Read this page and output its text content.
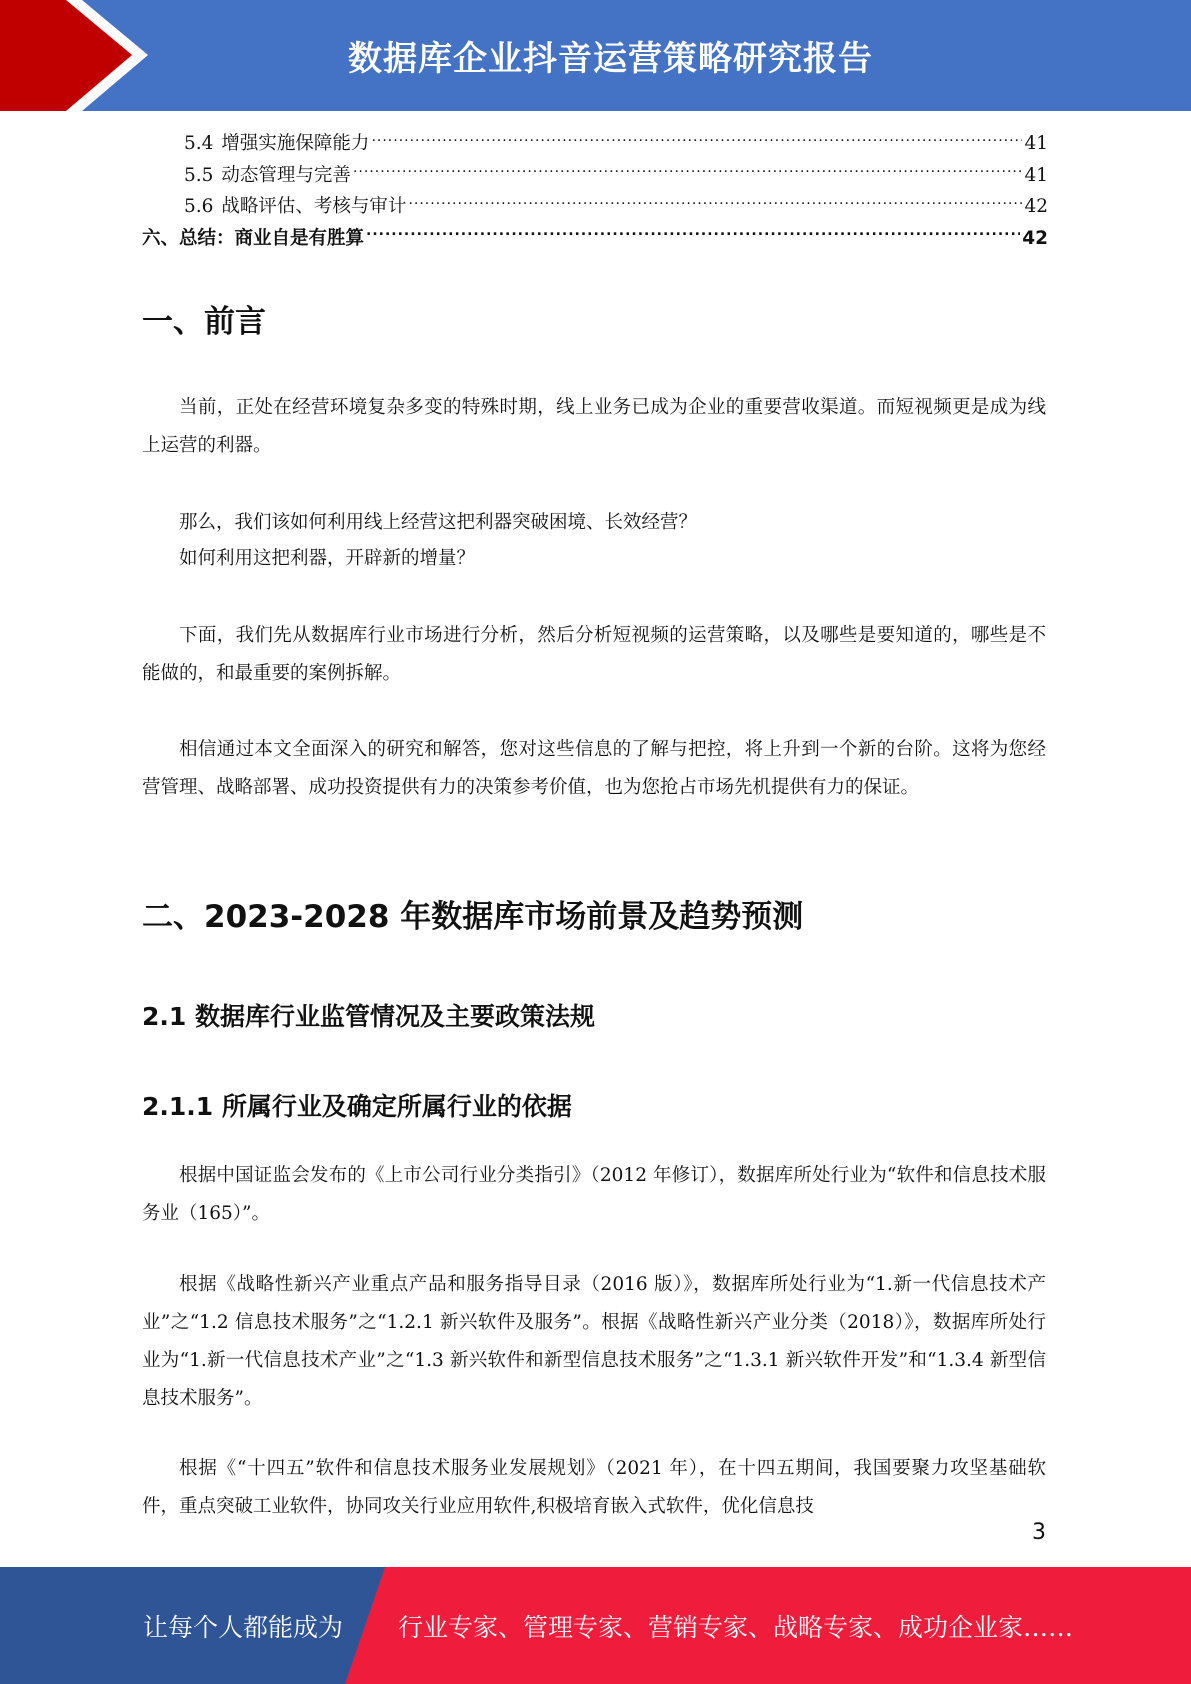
数据库企业抖音运营策略研究报告
5.4 增强实施保障能力 .....	41
5.5 动态管理与完善 .....	41
5.6 战略评估、考核与审计 .....	42
六、总结：商业自是有胜算 .....	42
一、前言

当前，正处在经营环境复杂多变的特殊时期，线上业务已成为企业的重要营收渠道。而短视频更是成为线上运营的利器。

那么，我们该如何利用线上经营这把利器突破困境、长效经营？

如何利用这把利器，开辟新的增量？

下面，我们先从数据库行业市场进行分析，然后分析短视频的运营策略，以及哪些是要知道的，哪些是不能做的，和最重要的案例拆解。

相信通过本文全面深入的研究和解答，您对这些信息的了解与把控，将上升到一个新的台阶。这将为您经营管理、战略部署、成功投资提供有力的决策参考价值，也为您抢占市场先机提供有力的保证。

二、2023-2028 年数据库市场前景及趋势预测
2.1 数据库行业监管情况及主要政策法规
2.1.1 所属行业及确定所属行业的依据

根据中国证监会发布的《上市公司行业分类指引》（2012 年修订），数据库所处行业为“软件和信息技术服务业（165）”。

根据《战略性新兴产业重点产品和服务指导目录（2016 版）》，数据库所处行业为“1.新一代信息技术产业”之“1.2 信息技术服务”之“1.2.1 新兴软件及服务”。根据《战略性新兴产业分类（2018）》，数据库所处行业为“1.新一代信息技术产业”之“1.3 新兴软件和新型信息技术服务”之“1.3.1 新兴软件开发”和“1.3.4 新型信息技术服务”。

根据《“十四五”软件和信息技术服务业发展规划》（2021 年），在十四五期间，我国要聚力攻坚基础软件，重点突破工业软件，协同攻关行业应用软件,积极培育嵌入式软件，优化信息技

3
让每个人都能成为 行业专家、管理专家、营销专家、战略专家、成功企业家……
